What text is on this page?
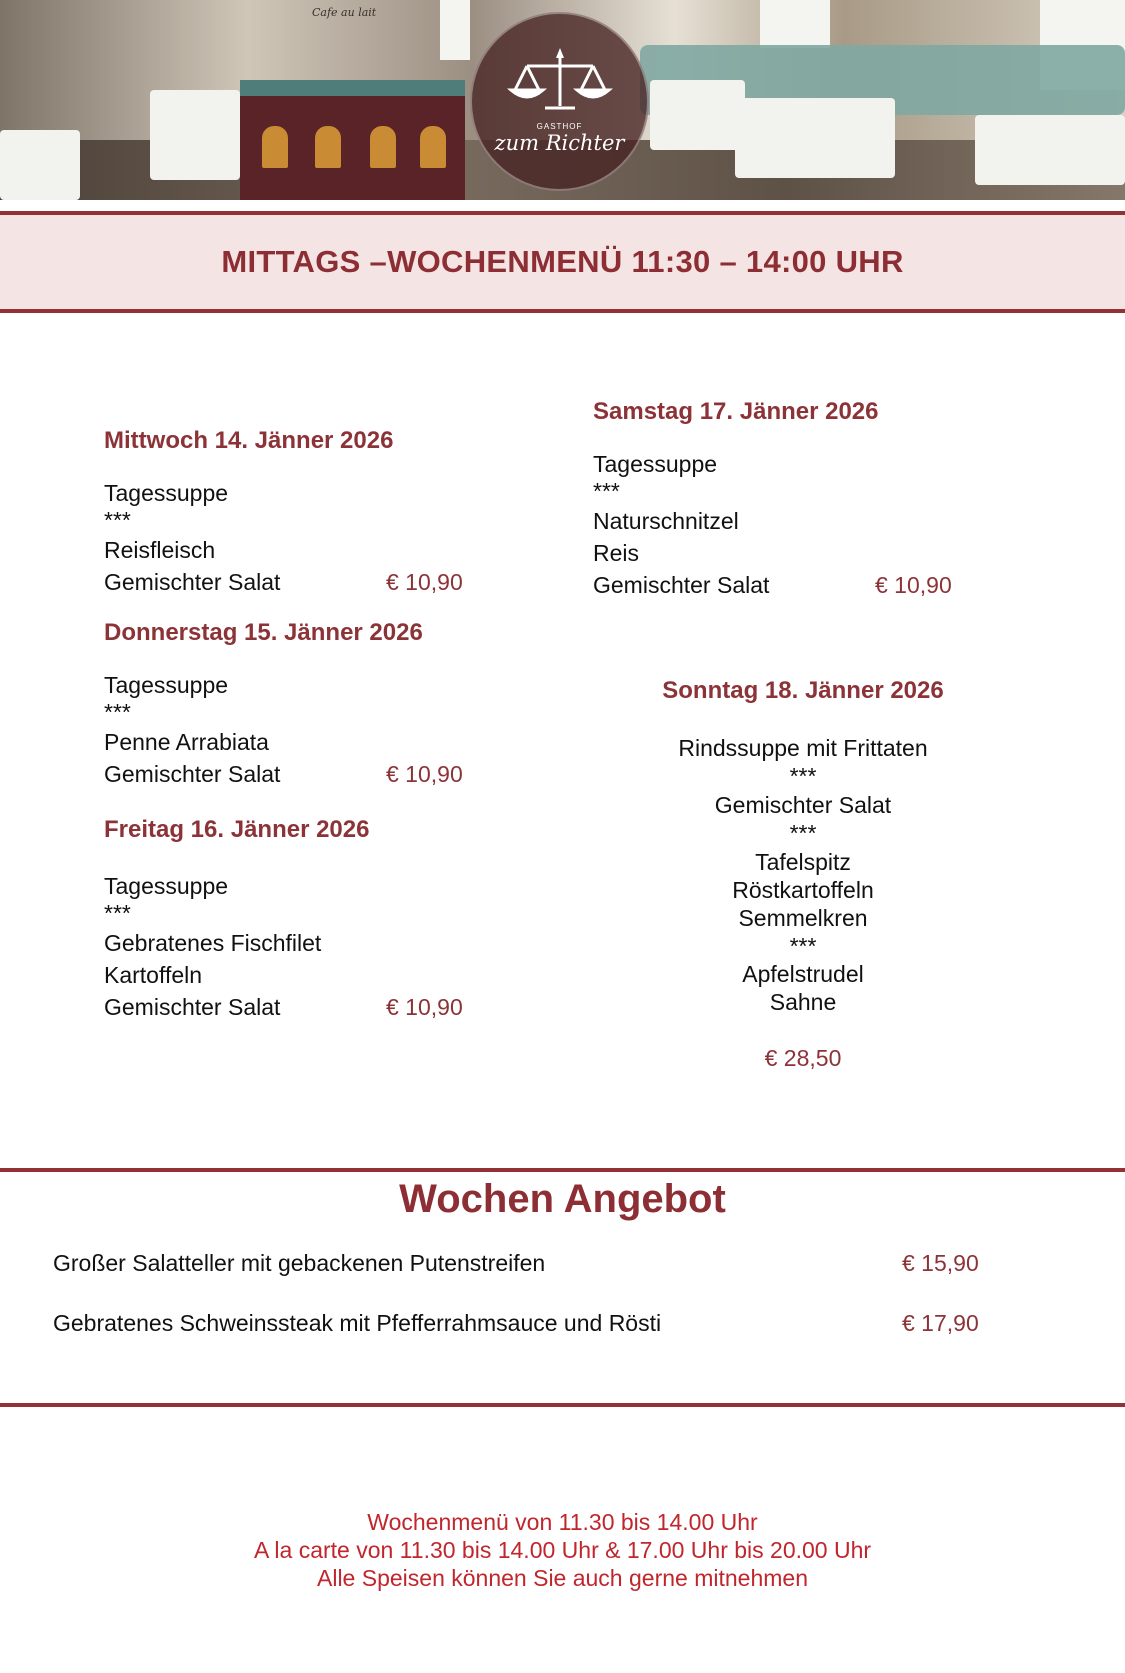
Cafe au lait
GASTHOF
zum Richter
MITTAGS –WOCHENMENÜ 11:30 – 14:00 UHR
Mittwoch 14. Jänner 2026
Tagessuppe
***
Reisfleisch
Gemischter Salat	€ 10,90
Donnerstag 15. Jänner 2026
Tagessuppe
***
Penne Arrabiata
Gemischter Salat	€ 10,90
Freitag 16. Jänner 2026
Tagessuppe
***
Gebratenes Fischfilet
Kartoffeln
Gemischter Salat	€ 10,90
Samstag 17. Jänner 2026
Tagessuppe
***
Naturschnitzel
Reis
Gemischter Salat	€ 10,90
Sonntag 18. Jänner 2026
Rindssuppe mit Frittaten
***
Gemischter Salat
***
Tafelspitz
Röstkartoffeln
Semmelkren
***
Apfelstrudel
Sahne
€ 28,50
Wochen Angebot
Großer Salatteller mit gebackenen Putenstreifen	€ 15,90
Gebratenes Schweinssteak mit Pfefferrahmsauce und Rösti	€ 17,90
Wochenmenü von 11.30 bis 14.00 Uhr
A la carte von 11.30 bis 14.00 Uhr & 17.00 Uhr bis 20.00 Uhr
Alle Speisen können Sie auch gerne mitnehmen
